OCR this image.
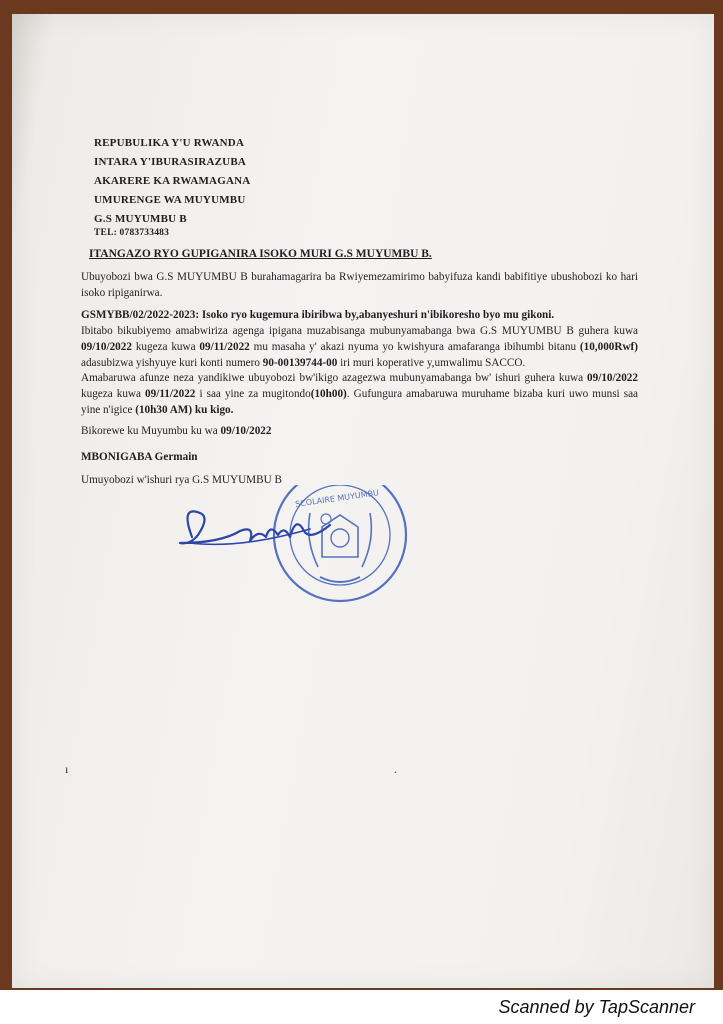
REPUBULIKA Y'U RWANDA
INTARA Y'IBURASIRAZUBA
AKARERE KA RWAMAGANA
UMURENGE WA MUYUMBU
G.S MUYUMBU B
TEL: 0783733483
ITANGAZO RYO GUPIGANIRA ISOKO MURI G.S MUYUMBU B.
Ubuyobozi bwa G.S MUYUMBU B burahamagarira ba Rwiyemezamirimo babyifuza kandi babifitiye ubushobozi ko hari isoko ripiganirwa.
GSMYBB/02/2022-2023: Isoko ryo kugemura ibiribwa by,abanyeshuri n'ibikoresho byo mu gikoni.
Ibitabo bikubiyemo amabwiriza agenga ipigana muzabisanga mubunyamabanga bwa G.S MUYUMBU B guhera kuwa 09/10/2022 kugeza kuwa 09/11/2022 mu masaha y' akazi nyuma yo kwishyura amafaranga ibihumbi bitanu (10,000Rwf) adasubizwa yishyuye kuri konti numero 90-00139744-00 iri muri koperative y,umwalimu SACCO.
Amabaruwa afunze neza yandikiwe ubuyobozi bw'ikigo azagezwa mubunyamabanga bw' ishuri guhera kuwa 09/10/2022 kugeza kuwa 09/11/2022 i saa yine za mugitondo(10h00). Gufungura amabaruwa muruhame bizaba kuri uwo munsi saa yine n'igice (10h30 AM) ku kigo.
Bikorewe ku Muyumbu ku wa 09/10/2022
MBONIGABA Germain
Umuyobozi w'ishuri rya G.S MUYUMBU B
SCOLAIRE MUYUMBU
ı	.
Scanned by TapScanner
